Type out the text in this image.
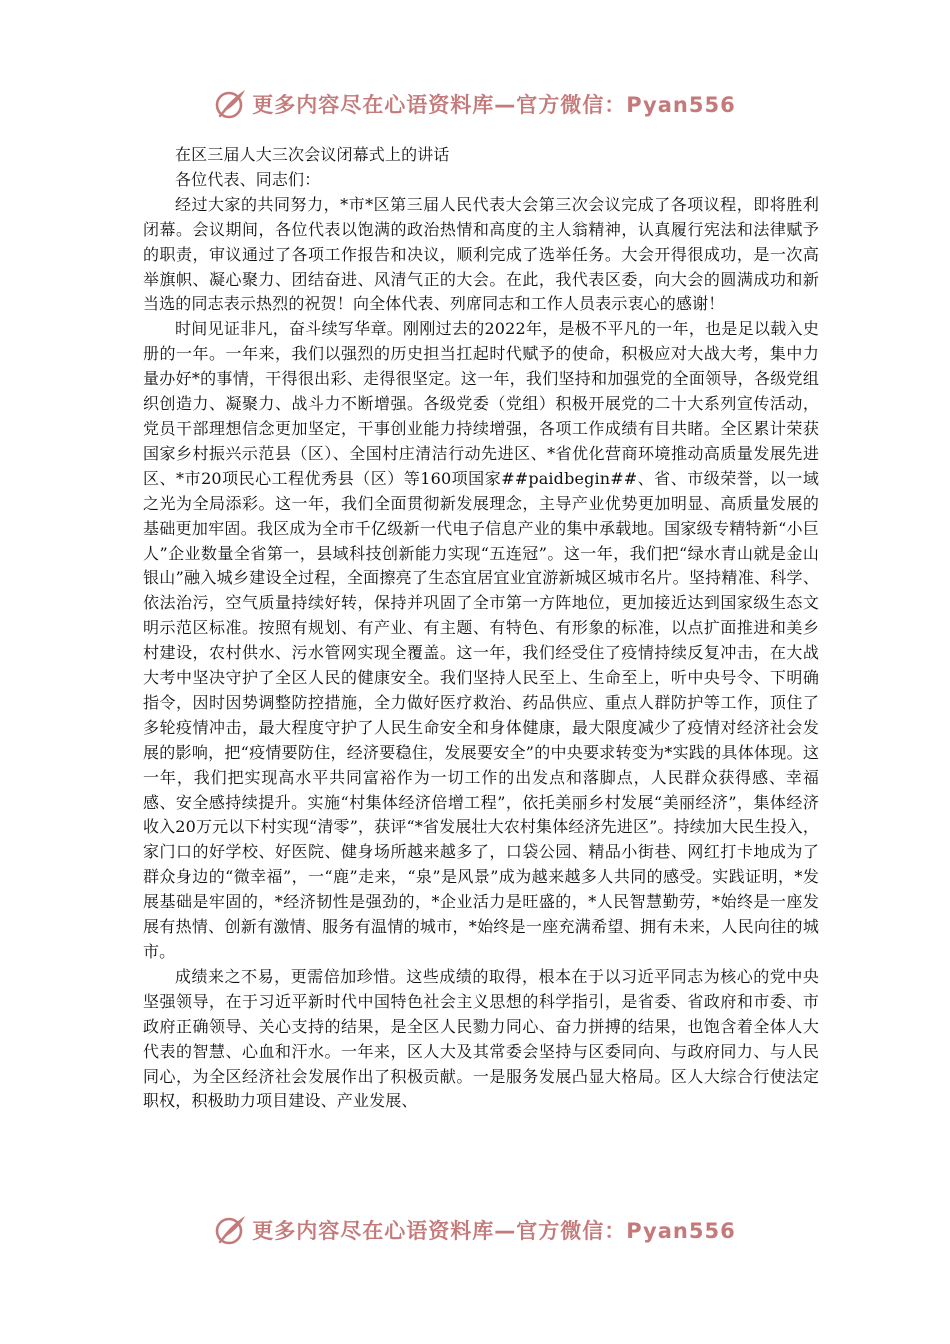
更多内容尽在心语资料库—官方微信：Pyan556

在区三届人大三次会议闭幕式上的讲话

各位代表、同志们：

经过大家的共同努力，*市*区第三届人民代表大会第三次会议完成了各项议程，即将胜利闭幕。会议期间，各位代表以饱满的政治热情和高度的主人翁精神，认真履行宪法和法律赋予的职责，审议通过了各项工作报告和决议，顺利完成了选举任务。大会开得很成功，是一次高举旗帜、凝心聚力、团结奋进、风清气正的大会。在此，我代表区委，向大会的圆满成功和新当选的同志表示热烈的祝贺！向全体代表、列席同志和工作人员表示衷心的感谢！

时间见证非凡，奋斗续写华章。刚刚过去的2022年，是极不平凡的一年，也是足以载入史册的一年。一年来，我们以强烈的历史担当扛起时代赋予的使命，积极应对大战大考，集中力量办好*的事情，干得很出彩、走得很坚定。这一年，我们坚持和加强党的全面领导，各级党组织创造力、凝聚力、战斗力不断增强。各级党委（党组）积极开展党的二十大系列宣传活动，党员干部理想信念更加坚定，干事创业能力持续增强，各项工作成绩有目共睹。全区累计荣获国家乡村振兴示范县（区）、全国村庄清洁行动先进区、*省优化营商环境推动高质量发展先进区、*市20项民心工程优秀县（区）等160项国家##paidbegin##、省、市级荣誉，以一域之光为全局添彩。这一年，我们全面贯彻新发展理念，主导产业优势更加明显、高质量发展的基础更加牢固。我区成为全市千亿级新一代电子信息产业的集中承载地。国家级专精特新“小巨人”企业数量全省第一，县域科技创新能力实现“五连冠”。这一年，我们把“绿水青山就是金山银山”融入城乡建设全过程，全面擦亮了生态宜居宜业宜游新城区城市名片。坚持精准、科学、依法治污，空气质量持续好转，保持并巩固了全市第一方阵地位，更加接近达到国家级生态文明示范区标准。按照有规划、有产业、有主题、有特色、有形象的标准，以点扩面推进和美乡村建设，农村供水、污水管网实现全覆盖。这一年，我们经受住了疫情持续反复冲击，在大战大考中坚决守护了全区人民的健康安全。我们坚持人民至上、生命至上，听中央号令、下明确指令，因时因势调整防控措施，全力做好医疗救治、药品供应、重点人群防护等工作，顶住了多轮疫情冲击，最大程度守护了人民生命安全和身体健康，最大限度减少了疫情对经济社会发展的影响，把“疫情要防住，经济要稳住，发展要安全”的中央要求转变为*实践的具体体现。这一年，我们把实现高水平共同富裕作为一切工作的出发点和落脚点，人民群众获得感、幸福感、安全感持续提升。实施“村集体经济倍增工程”，依托美丽乡村发展“美丽经济”，集体经济收入20万元以下村实现“清零”，获评“*省发展壮大农村集体经济先进区”。持续加大民生投入，家门口的好学校、好医院、健身场所越来越多了，口袋公园、精品小街巷、网红打卡地成为了群众身边的“微幸福”，一“鹿”走来，“泉”是风景”成为越来越多人共同的感受。实践证明，*发展基础是牢固的，*经济韧性是强劲的，*企业活力是旺盛的，*人民智慧勤劳，*始终是一座发展有热情、创新有激情、服务有温情的城市，*始终是一座充满希望、拥有未来，人民向往的城市。

成绩来之不易，更需倍加珍惜。这些成绩的取得，根本在于以习近平同志为核心的党中央坚强领导，在于习近平新时代中国特色社会主义思想的科学指引，是省委、省政府和市委、市政府正确领导、关心支持的结果，是全区人民勠力同心、奋力拼搏的结果，也饱含着全体人大代表的智慧、心血和汗水。一年来，区人大及其常委会坚持与区委同向、与政府同力、与人民同心，为全区经济社会发展作出了积极贡献。一是服务发展凸显大格局。区人大综合行使法定职权，积极助力项目建设、产业发展、

更多内容尽在心语资料库—官方微信：Pyan556
